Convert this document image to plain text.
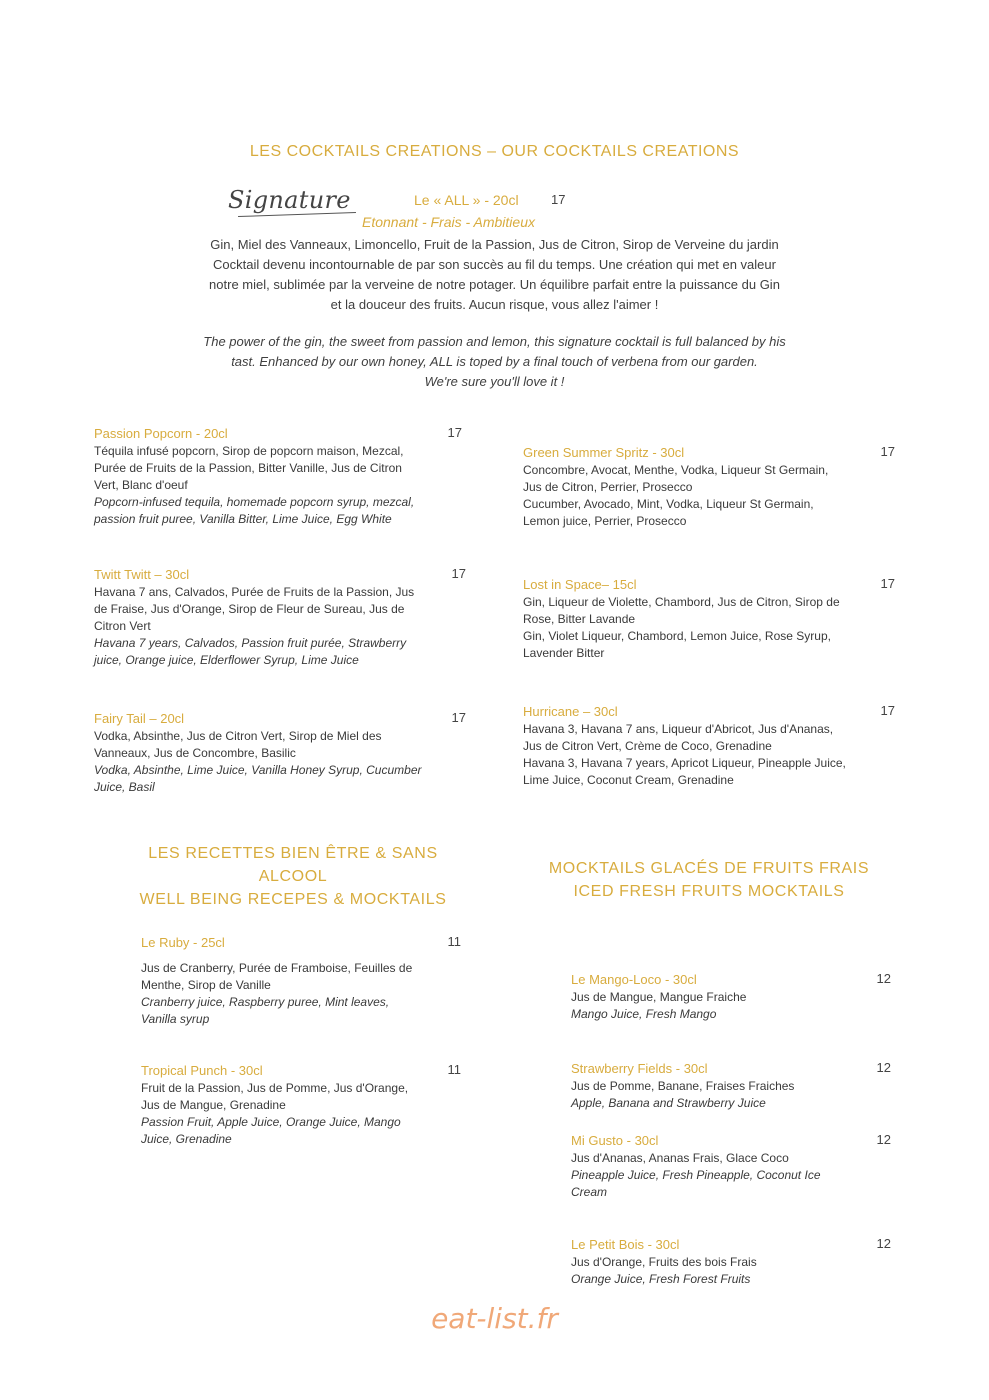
LES COCKTAILS CREATIONS – OUR COCKTAILS CREATIONS
Signature	Le « ALL » - 20cl 17
Etonnant - Frais - Ambitieux
Gin, Miel des Vanneaux, Limoncello, Fruit de la Passion, Jus de Citron, Sirop de Verveine du jardin
Cocktail devenu incontournable de par son succès au fil du temps. Une création qui met en valeur
notre miel, sublimée par la verveine de notre potager. Un équilibre parfait entre la puissance du Gin
et la douceur des fruits. Aucun risque, vous allez l'aimer !
The power of the gin, the sweet from passion and lemon, this signature cocktail is full balanced by his
tast. Enhanced by our own honey, ALL is toped by a final touch of verbena from our garden.
We're sure you'll love it !
Passion Popcorn - 20cl	17
Téquila infusé popcorn, Sirop de popcorn maison, Mezcal,
Purée de Fruits de la Passion, Bitter Vanille, Jus de Citron
Vert, Blanc d'oeuf
Popcorn-infused tequila, homemade popcorn syrup, mezcal,
passion fruit puree, Vanilla Bitter, Lime Juice, Egg White
Twitt Twitt – 30cl	17
Havana 7 ans, Calvados, Purée de Fruits de la Passion, Jus
de Fraise, Jus d'Orange, Sirop de Fleur de Sureau, Jus de
Citron Vert
Havana 7 years, Calvados, Passion fruit purée, Strawberry
juice, Orange juice, Elderflower Syrup, Lime Juice
Fairy Tail – 20cl	17
Vodka, Absinthe, Jus de Citron Vert, Sirop de Miel des
Vanneaux, Jus de Concombre, Basilic
Vodka, Absinthe, Lime Juice, Vanilla Honey Syrup, Cucumber
Juice, Basil
Green Summer Spritz - 30cl	17
Concombre, Avocat, Menthe, Vodka, Liqueur St Germain,
Jus de Citron, Perrier, Prosecco
Cucumber, Avocado, Mint, Vodka, Liqueur St Germain,
Lemon juice, Perrier, Prosecco
Lost in Space– 15cl	17
Gin, Liqueur de Violette, Chambord, Jus de Citron, Sirop de
Rose, Bitter Lavande
Gin, Violet Liqueur, Chambord, Lemon Juice, Rose Syrup,
Lavender Bitter
Hurricane – 30cl	17
Havana 3, Havana 7 ans, Liqueur d'Abricot, Jus d'Ananas,
Jus de Citron Vert, Crème de Coco, Grenadine
Havana 3, Havana 7 years, Apricot Liqueur, Pineapple Juice,
Lime Juice, Coconut Cream, Grenadine
LES RECETTES BIEN ÊTRE & SANS
ALCOOL
WELL BEING RECEPES & MOCKTAILS
Le Ruby - 25cl	11
Jus de Cranberry, Purée de Framboise, Feuilles de
Menthe, Sirop de Vanille
Cranberry juice, Raspberry puree, Mint leaves,
Vanilla syrup
Tropical Punch - 30cl	11
Fruit de la Passion, Jus de Pomme, Jus d'Orange,
Jus de Mangue, Grenadine
Passion Fruit, Apple Juice, Orange Juice, Mango
Juice, Grenadine
MOCKTAILS GLACÉS DE FRUITS FRAIS
ICED FRESH FRUITS MOCKTAILS
Le Mango-Loco - 30cl	12
Jus de Mangue, Mangue Fraiche
Mango Juice, Fresh Mango
Strawberry Fields - 30cl	12
Jus de Pomme, Banane, Fraises Fraiches
Apple, Banana and Strawberry Juice
Mi Gusto - 30cl	12
Jus d'Ananas, Ananas Frais, Glace Coco
Pineapple Juice, Fresh Pineapple, Coconut Ice
Cream
Le Petit Bois - 30cl	12
Jus d'Orange, Fruits des bois Frais
Orange Juice, Fresh Forest Fruits
eat-list.fr
